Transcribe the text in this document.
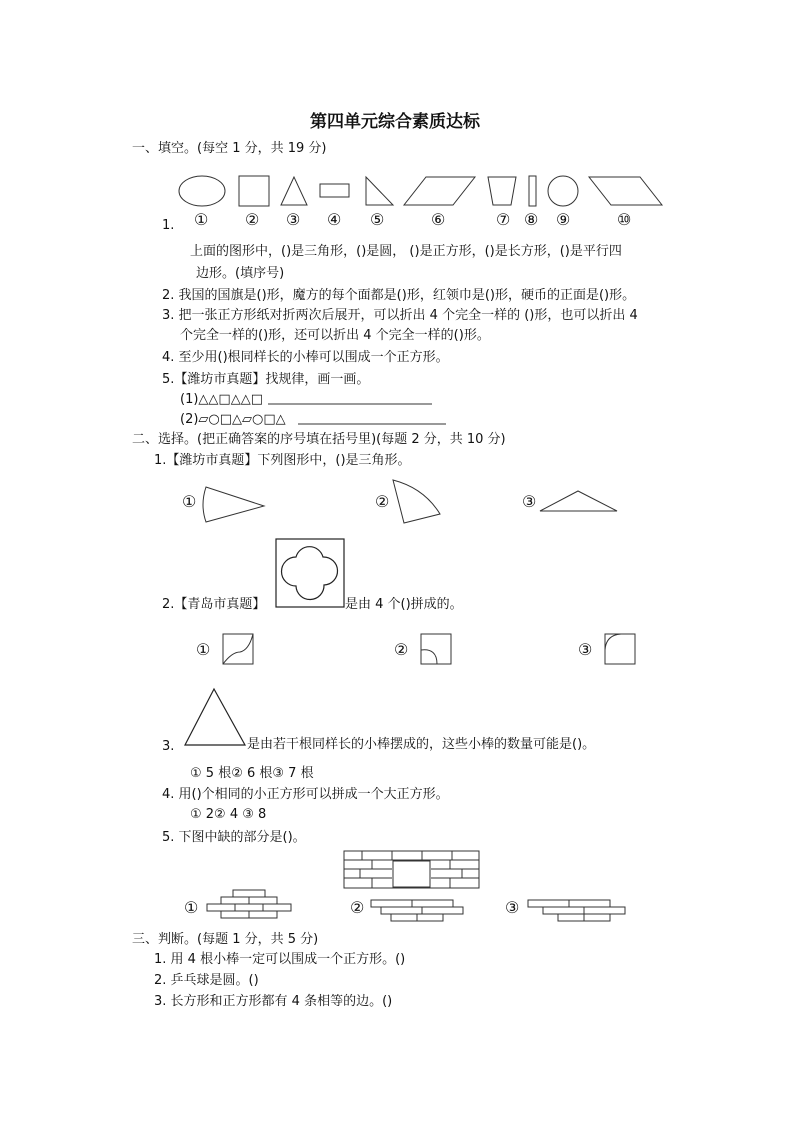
第四单元综合素质达标
一、填空。(每空 1 分，共 19 分)
1. ① ② ③ ④ ⑤	⑥	⑦ ⑧ ⑨	⑩
上面的图形中，()是三角形，()是圆， ()是正方形，()是长方形，()是平行四
边形。(填序号)
2. 我国的国旗是()形，魔方的每个面都是()形，红领巾是()形，硬币的正面是()形。
3. 把一张正方形纸对折两次后展开，可以折出 4 个完全一样的 ()形，也可以折出 4
个完全一样的()形，还可以折出 4 个完全一样的()形。
4. 至少用()根同样长的小棒可以围成一个正方形。
5.【潍坊市真题】找规律，画一画。
(1)△△□△△□
(2)▱○□△▱○□△
二、选择。(把正确答案的序号填在括号里)(每题 2 分，共 10 分)
1.【潍坊市真题】下列图形中，()是三角形。
①	②	③
2.【青岛市真题】	是由 4 个()拼成的。
①	②	③
3.	是由若干根同样长的小棒摆成的，这些小棒的数量可能是()。
① 5 根② 6 根③ 7 根
4. 用()个相同的小正方形可以拼成一个大正方形。
① 2② 4 ③ 8
5. 下图中缺的部分是()。
①	②	③
三、判断。(每题 1 分，共 5 分)
1. 用 4 根小棒一定可以围成一个正方形。()
2. 乒乓球是圆。()
3. 长方形和正方形都有 4 条相等的边。()
